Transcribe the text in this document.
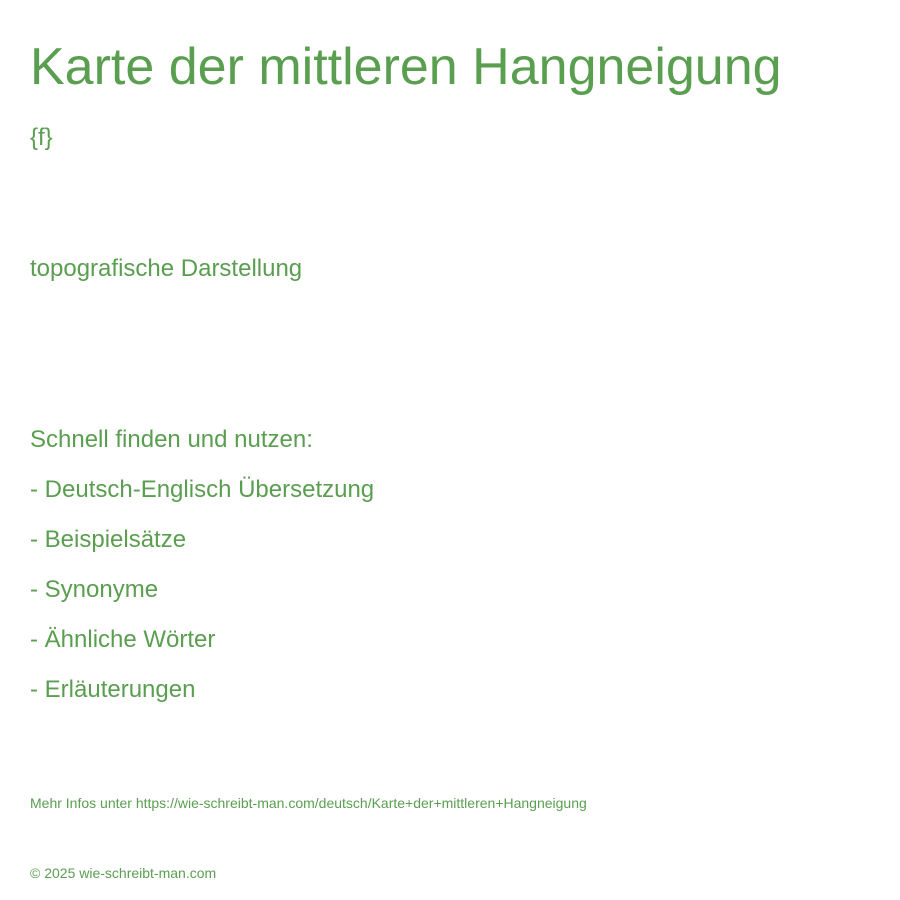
Karte der mittleren Hangneigung
{f}
topografische Darstellung
Schnell finden und nutzen:
- Deutsch-Englisch Übersetzung
- Beispielsätze
- Synonyme
- Ähnliche Wörter
- Erläuterungen
Mehr Infos unter https://wie-schreibt-man.com/deutsch/Karte+der+mittleren+Hangneigung
© 2025 wie-schreibt-man.com
